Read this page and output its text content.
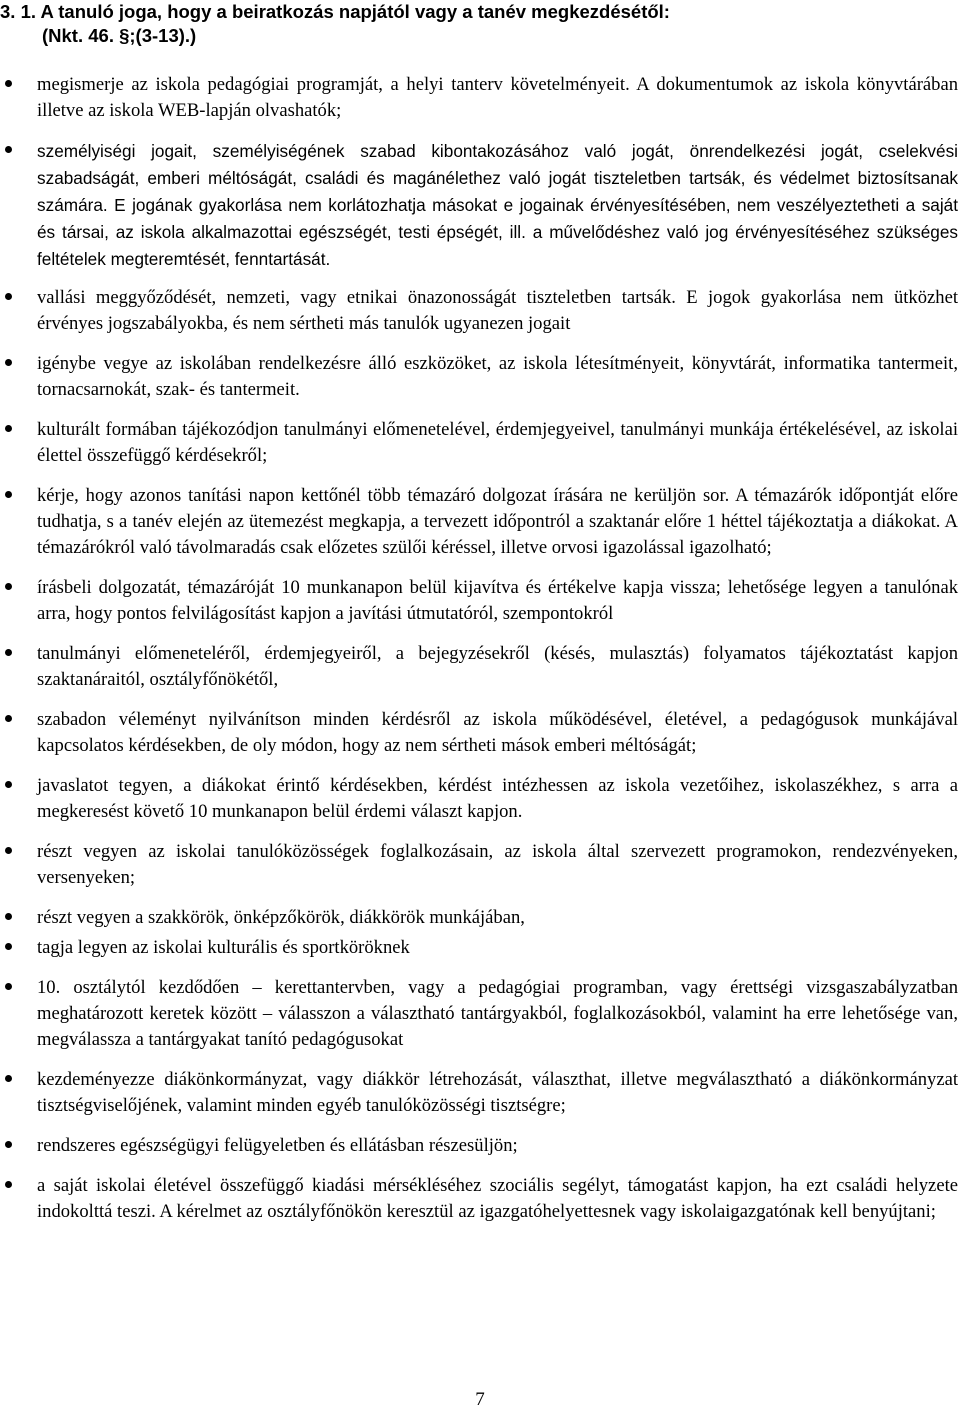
3. 1. A tanuló joga, hogy a beiratkozás napjától vagy a tanév megkezdésétől:
(Nkt. 46. §;(3-13).)
megismerje az iskola pedagógiai programját, a helyi tanterv követelményeit. A dokumentumok az iskola könyvtárában illetve az iskola WEB-lapján olvashatók;
személyiségi jogait, személyiségének szabad kibontakozásához való jogát, önrendelkezési jogát, cselekvési szabadságát, emberi méltóságát, családi és magánélethez való jogát tiszteletben tartsák, és védelmet biztosítsanak számára. E jogának gyakorlása nem korlátozhatja másokat e jogainak érvényesítésében, nem veszélyeztetheti a saját és társai, az iskola alkalmazottai egészségét, testi épségét, ill. a művelődéshez való jog érvényesítéséhez szükséges feltételek megteremtését, fenntartását.
vallási meggyőződését, nemzeti, vagy etnikai önazonosságát tiszteletben tartsák. E jogok gyakorlása nem ütközhet érvényes jogszabályokba, és nem sértheti más tanulók ugyanezen jogait
igénybe vegye az iskolában rendelkezésre álló eszközöket, az iskola létesítményeit, könyvtárát, informatika tantermeit, tornacsarnokát, szak- és tantermeit.
kulturált formában tájékozódjon tanulmányi előmenetelével, érdemjegyeivel, tanulmányi munkája értékelésével, az iskolai élettel összefüggő kérdésekről;
kérje, hogy azonos tanítási napon kettőnél több témazáró dolgozat írására ne kerüljön sor. A témazárók időpontját előre tudhatja, s a tanév elején az ütemezést megkapja, a tervezett időpontról a szaktanár előre 1 héttel tájékoztatja a diákokat. A témazárókról való távolmaradás csak előzetes szülői kéréssel, illetve orvosi igazolással igazolható;
írásbeli dolgozatát, témazáróját 10 munkanapon belül kijavítva és értékelve kapja vissza; lehetősége legyen a tanulónak arra, hogy pontos felvilágosítást kapjon a javítási útmutatóról, szempontokról
tanulmányi előmeneteléről, érdemjegyeiről, a bejegyzésekről (késés, mulasztás) folyamatos tájékoztatást kapjon szaktanáraitól, osztályfőnökétől,
szabadon véleményt nyilvánítson minden kérdésről az iskola működésével, életével, a pedagógusok munkájával kapcsolatos kérdésekben, de oly módon, hogy az nem sértheti mások emberi méltóságát;
javaslatot tegyen, a diákokat érintő kérdésekben, kérdést intézhessen az iskola vezetőihez, iskolaszékhez, s arra a megkeresést követő 10 munkanapon belül érdemi választ kapjon.
részt vegyen az iskolai tanulóközösségek foglalkozásain, az iskola által szervezett programokon, rendezvényeken, versenyeken;
részt vegyen a szakkörök, önképzőkörök, diákkörök munkájában,
tagja legyen az iskolai kulturális és sportköröknek
10. osztálytól kezdődően – kerettantervben, vagy a pedagógiai programban, vagy érettségi vizsgaszabályzatban meghatározott keretek között – válasszon a választható tantárgyakból, foglalkozásokból, valamint ha erre lehetősége van, megválassza a tantárgyakat tanító pedagógusokat
kezdeményezze diákönkormányzat, vagy diákkör létrehozását, választhat, illetve megválasztható a diákönkormányzat tisztségviselőjének, valamint minden egyéb tanulóközösségi tisztségre;
rendszeres egészségügyi felügyeletben és ellátásban részesüljön;
a saját iskolai életével összefüggő kiadási mérsékléséhez szociális segélyt, támogatást kapjon, ha ezt családi helyzete indokolttá teszi. A kérelmet az osztályfőnökön keresztül az igazgatóhelyettesnek vagy iskolaigazgatónak kell benyújtani;
7
